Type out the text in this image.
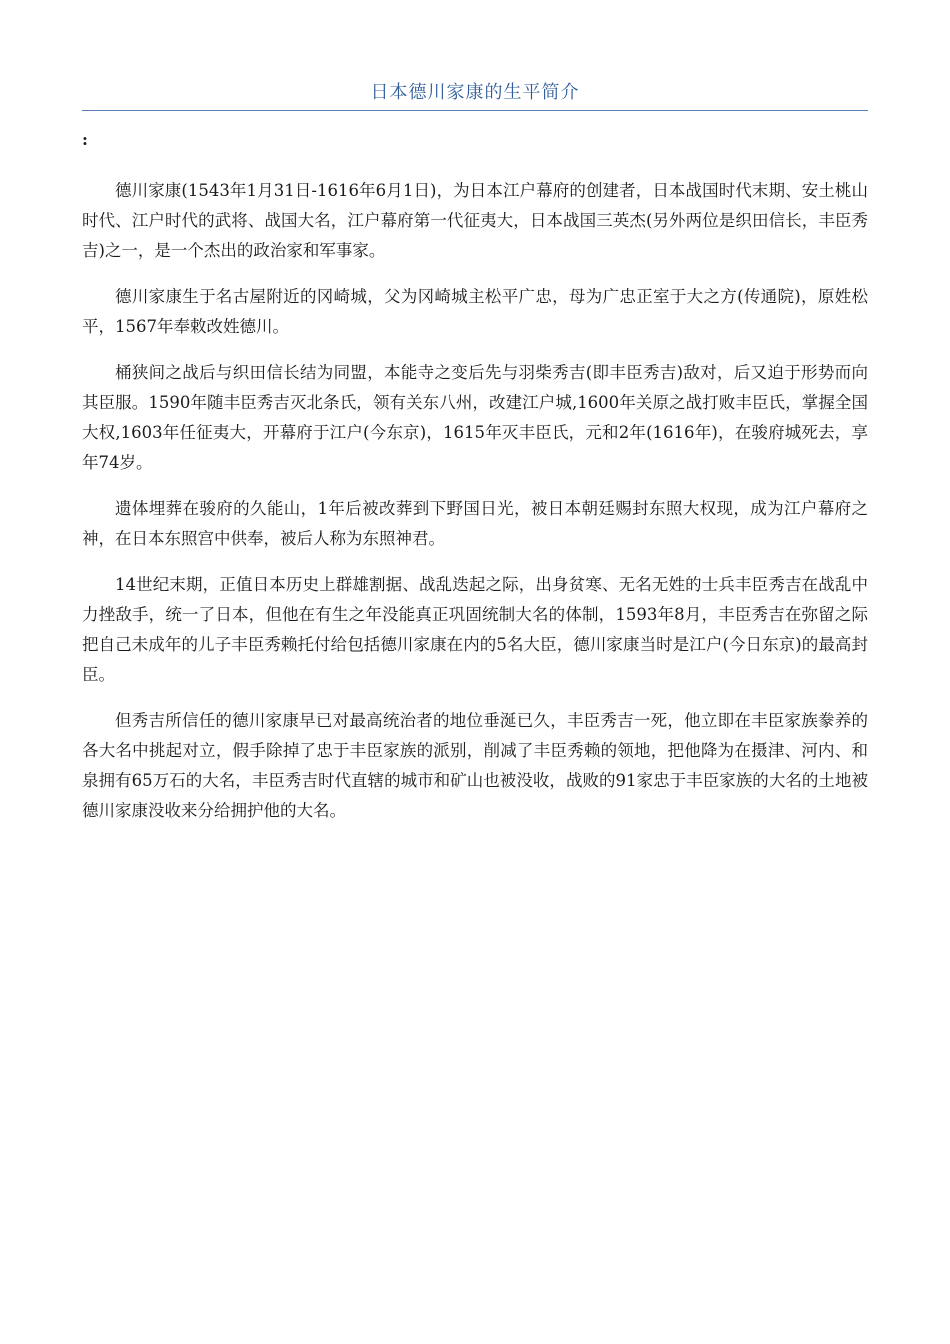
日本德川家康的生平简介
:

德川家康(1543年1月31日-1616年6月1日)，为日本江户幕府的创建者，日本战国时代末期、安土桃山时代、江户时代的武将、战国大名，江户幕府第一代征夷大，日本战国三英杰(另外两位是织田信长，丰臣秀吉)之一，是一个杰出的政治家和军事家。

德川家康生于名古屋附近的冈崎城，父为冈崎城主松平广忠，母为广忠正室于大之方(传通院)，原姓松平，1567年奉敕改姓德川。

桶狭间之战后与织田信长结为同盟，本能寺之变后先与羽柴秀吉(即丰臣秀吉)敌对，后又迫于形势而向其臣服。1590年随丰臣秀吉灭北条氏，领有关东八州，改建江户城,1600年关原之战打败丰臣氏，掌握全国大权,1603年任征夷大，开幕府于江户(今东京)，1615年灭丰臣氏，元和2年(1616年)，在骏府城死去，享年74岁。

遗体埋葬在骏府的久能山，1年后被改葬到下野国日光，被日本朝廷赐封东照大权现，成为江户幕府之神，在日本东照宫中供奉，被后人称为东照神君。

14世纪末期，正值日本历史上群雄割据、战乱迭起之际，出身贫寒、无名无姓的士兵丰臣秀吉在战乱中力挫敌手，统一了日本，但他在有生之年没能真正巩固统制大名的体制，1593年8月，丰臣秀吉在弥留之际把自己未成年的儿子丰臣秀赖托付给包括德川家康在内的5名大臣，德川家康当时是江户(今日东京)的最高封臣。

但秀吉所信任的德川家康早已对最高统治者的地位垂涎已久，丰臣秀吉一死，他立即在丰臣家族豢养的各大名中挑起对立，假手除掉了忠于丰臣家族的派别，削减了丰臣秀赖的领地，把他降为在摄津、河内、和泉拥有65万石的大名，丰臣秀吉时代直辖的城市和矿山也被没收，战败的91家忠于丰臣家族的大名的土地被德川家康没收来分给拥护他的大名。
